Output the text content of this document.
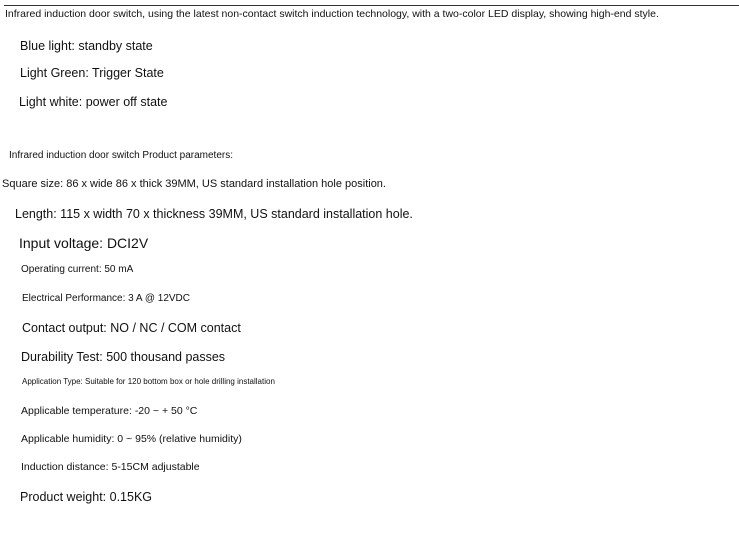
Infrared induction door switch, using the latest non-contact switch induction technology, with a two-color LED display, showing high-end style.
Blue light: standby state
Light Green: Trigger State
Light white: power off state
Infrared induction door switch Product parameters:
Square size: 86 x wide 86 x thick 39MM, US standard installation hole position.
Length: 115 x width 70 x thickness 39MM, US standard installation hole.
Input voltage: DCI2V
Operating current: 50 mA
Electrical Performance: 3 A @ 12VDC
Contact output: NO / NC / COM contact
Durability Test: 500 thousand passes
Application Type: Suitable for 120 bottom box or hole drilling installation
Applicable temperature: -20 ~ + 50 °C
Applicable humidity: 0 ~ 95% (relative humidity)
Induction distance: 5-15CM adjustable
Product weight: 0.15KG
